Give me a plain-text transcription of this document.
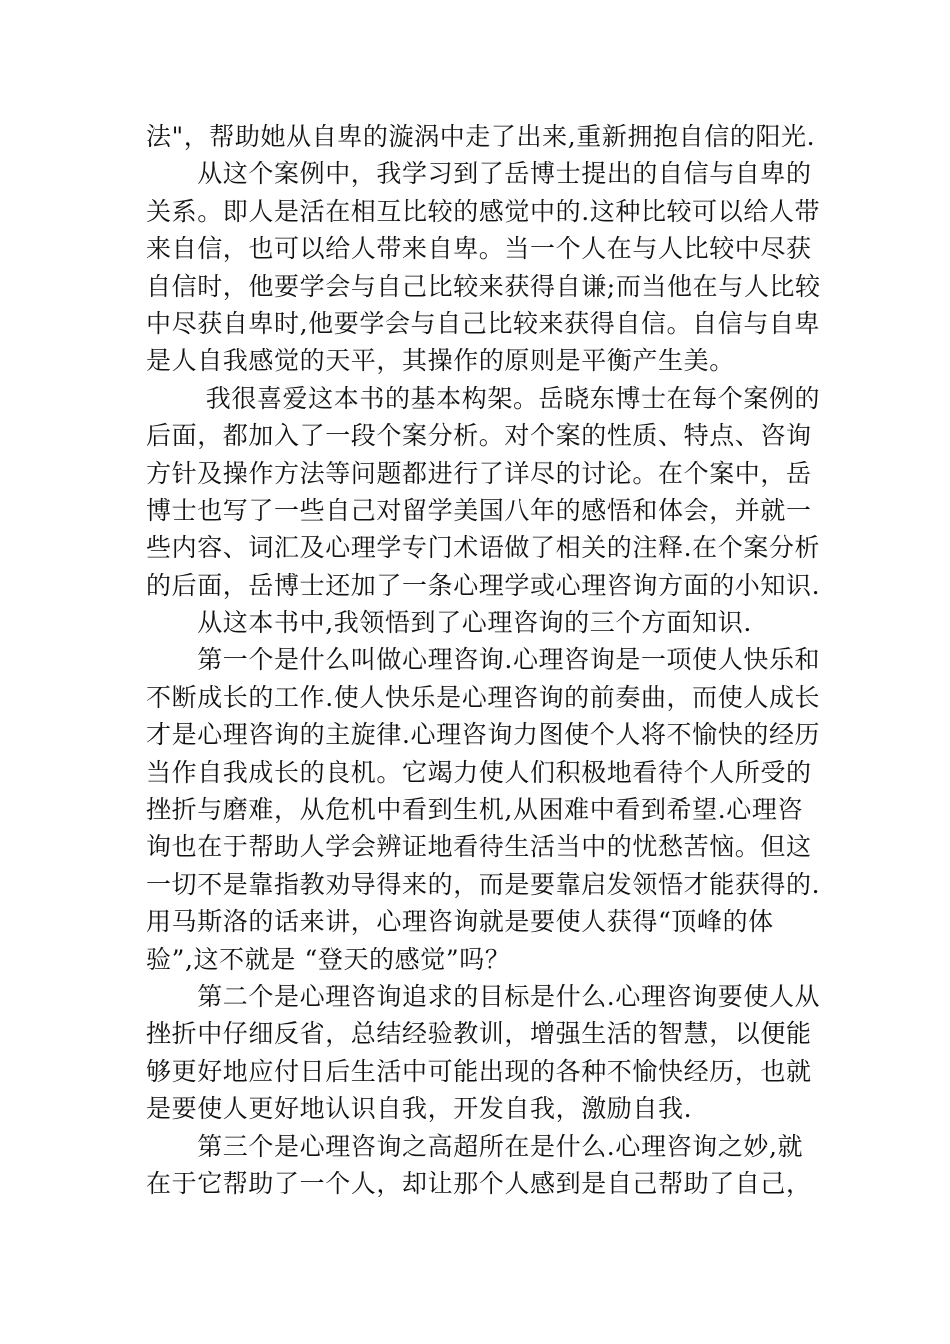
法"，帮助她从自卑的漩涡中走了出来,重新拥抱自信的阳光.
　　从这个案例中，我学习到了岳博士提出的自信与自卑的
关系。即人是活在相互比较的感觉中的.这种比较可以给人带
来自信，也可以给人带来自卑。当一个人在与人比较中尽获
自信时，他要学会与自己比较来获得自谦;而当他在与人比较
中尽获自卑时,他要学会与自己比较来获得自信。自信与自卑
是人自我感觉的天平，其操作的原则是平衡产生美。
　　 我很喜爱这本书的基本构架。岳晓东博士在每个案例的
后面，都加入了一段个案分析。对个案的性质、特点、咨询
方针及操作方法等问题都进行了详尽的讨论。在个案中，岳
博士也写了一些自己对留学美国八年的感悟和体会，并就一
些内容、词汇及心理学专门术语做了相关的注释.在个案分析
的后面，岳博士还加了一条心理学或心理咨询方面的小知识.
　　从这本书中,我领悟到了心理咨询的三个方面知识.
　　第一个是什么叫做心理咨询.心理咨询是一项使人快乐和
不断成长的工作.使人快乐是心理咨询的前奏曲，而使人成长
才是心理咨询的主旋律.心理咨询力图使个人将不愉快的经历
当作自我成长的良机。它竭力使人们积极地看待个人所受的
挫折与磨难，从危机中看到生机,从困难中看到希望.心理咨
询也在于帮助人学会辨证地看待生活当中的忧愁苦恼。但这
一切不是靠指教劝导得来的，而是要靠启发领悟才能获得的.
用马斯洛的话来讲，心理咨询就是要使人获得“顶峰的体
验”,这不就是 “登天的感觉”吗？
　　第二个是心理咨询追求的目标是什么.心理咨询要使人从
挫折中仔细反省，总结经验教训，增强生活的智慧，以便能
够更好地应付日后生活中可能出现的各种不愉快经历，也就
是要使人更好地认识自我，开发自我，激励自我.
　　第三个是心理咨询之高超所在是什么.心理咨询之妙,就
在于它帮助了一个人，却让那个人感到是自己帮助了自己，
